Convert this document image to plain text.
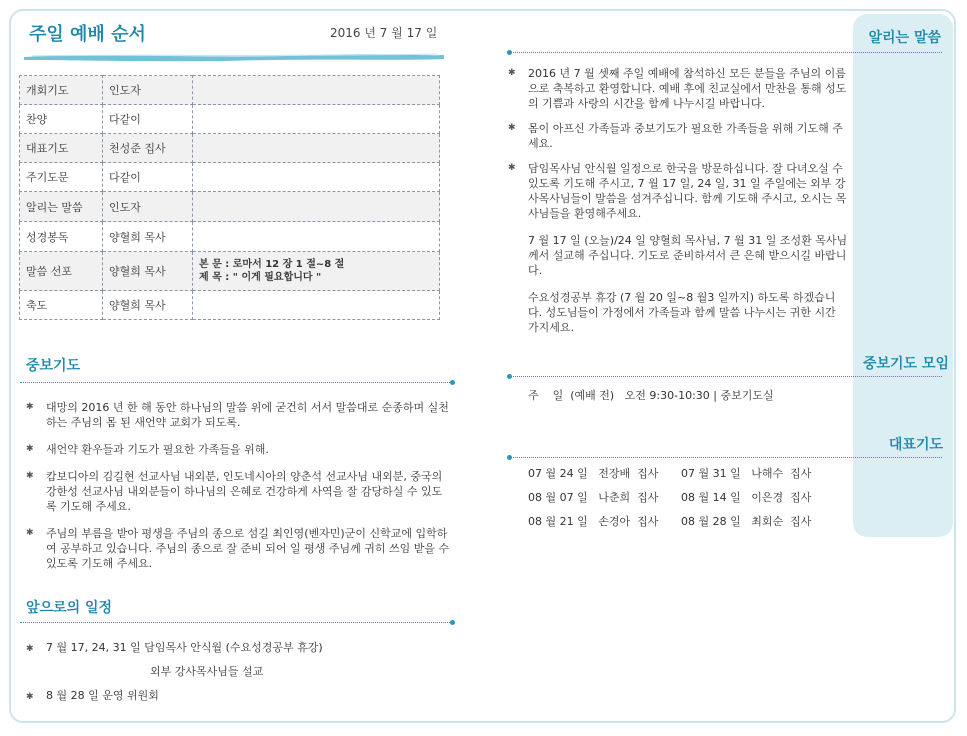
주일 예배 순서	2016 년 7 월 17 일
개회기도	인도자	
찬양	다같이	
대표기도	천성준 집사	
주기도문	다같이	
알리는 말씀	인도자	
성경봉독	양혈희 목사	
말씀 선포	양혈희 목사	본 문 : 로마서 12 장 1 절~8 절
제 목 : " 이게 필요합니다 "

축도	양혈희 목사	
중보기도
✱ 대망의 2016 년 한 해 동안 하나님의 말씀 위에 굳건히 서서 말씀대로 순종하며 실천하는 주님의 몸 된 새언약 교회가 되도록.
✱ 새언약 환우들과 기도가 필요한 가족들을 위해.
✱ 캄보디아의 김길현 선교사님 내외분, 인도네시아의 양춘석 선교사님 내외분, 중국의 강한성 선교사님 내외분들이 하나님의 은혜로 건강하게 사역을 잘 감당하실 수 있도록 기도해 주세요.
✱ 주님의 부름을 받아 평생을 주님의 종으로 섬길 최인영(벤자민)군이 신학교에 입학하여 공부하고 있습니다. 주님의 종으로 잘 준비 되어 일 평생 주님께 귀히 쓰임 받을 수 있도록 기도해 주세요.
앞으로의 일정
✱ 7 월 17, 24, 31 일 담임목사 안식월 (수요성경공부 휴강)
외부 강사목사님들 설교
✱ 8 월 28 일 운영 위원회
알리는 말씀
✱ 2016 년 7 월 셋째 주일 예배에 참석하신 모든 분들을 주님의 이름으로 축복하고 환영합니다. 예배 후에 친교실에서 만찬을 통해 성도의 기쁨과 사랑의 시간을 함께 나누시길 바랍니다.
✱ 몸이 아프신 가족들과 중보기도가 필요한 가족들을 위해 기도해 주세요.
✱ 담임목사님 안식월 일정으로 한국을 방문하십니다. 잘 다녀오실 수 있도록 기도해 주시고, 7 월 17 일, 24 일, 31 일 주일에는 외부 강사목사님들이 말씀을 섬겨주십니다. 함께 기도해 주시고, 오시는 목사님들을 환영해주세요.
7 월 17 일 (오늘)/24 일 양혈희 목사님, 7 월 31 일 조성환 목사님께서 설교해 주십니다. 기도로 준비하셔서 큰 은혜 받으시길 바랍니다.
수요성경공부 휴강 (7 월 20 일~8 월3 일까지) 하도록 하겠습니다. 성도님들이 가정에서 가족들과 함께 말씀 나누시는 귀한 시간 가지세요.
중보기도 모임
주    일  (예배 전)   오전 9:30-10:30 | 중보기도실
대표기도
07 월 24 일   전장배  집사 07 월 31 일   나해수  집사
08 월 07 일   나춘희  집사 08 월 14 일   이은경  집사
08 월 21 일   손경아  집사 08 월 28 일   최회순  집사
